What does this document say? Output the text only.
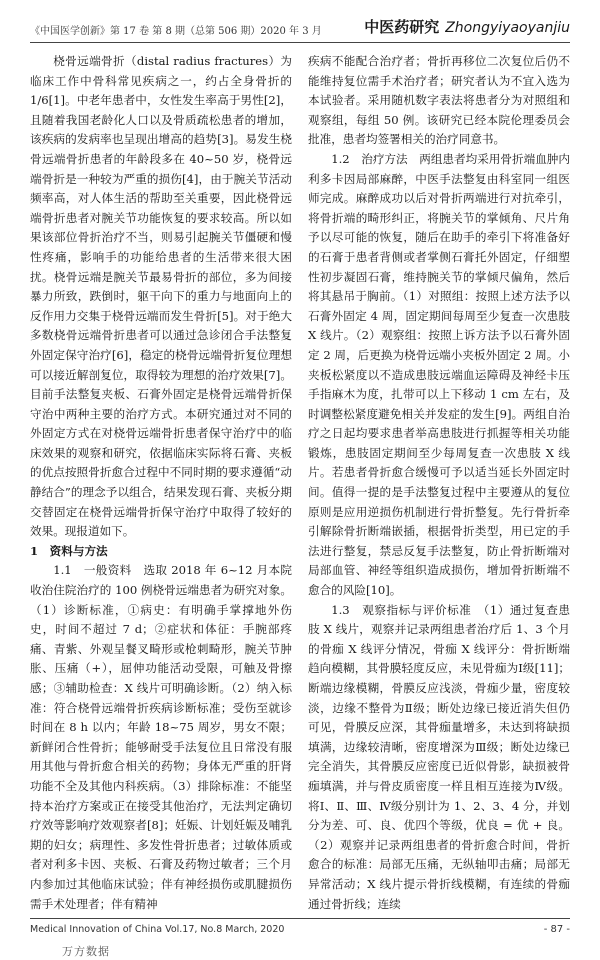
《中国医学创新》第 17 卷 第 8 期（总第 506 期）2020 年 3 月	中医药研究 Zhongyiyaoyanjiu

桡骨远端骨折（distal radius fractures）为临床工作中骨科常见疾病之一，约占全身骨折的 1/6[1]。中老年患者中，女性发生率高于男性[2]，且随着我国老龄化人口以及骨质疏松患者的增加，该疾病的发病率也呈现出增高的趋势[3]。易发生桡骨远端骨折患者的年龄段多在 40~50 岁，桡骨远端骨折是一种较为严重的损伤[4]，由于腕关节活动频率高，对人体生活的帮助至关重要，因此桡骨远端骨折患者对腕关节功能恢复的要求较高。所以如果该部位骨折治疗不当，则易引起腕关节僵硬和慢性疼痛，影响手的功能给患者的生活带来很大困扰。桡骨远端是腕关节最易骨折的部位，多为间接暴力所致，跌倒时，躯干向下的重力与地面向上的反作用力交集于桡骨远端而发生骨折[5]。对于绝大多数桡骨远端骨折患者可以通过急诊闭合手法整复外固定保守治疗[6]，稳定的桡骨远端骨折复位理想可以接近解剖复位，取得较为理想的治疗效果[7]。目前手法整复夹板、石膏外固定是桡骨远端骨折保守治中两种主要的治疗方式。本研究通过对不同的外固定方式在对桡骨远端骨折患者保守治疗中的临床效果的观察和研究，依据临床实际将石膏、夹板的优点按照骨折愈合过程中不同时期的要求遵循“动静结合”的理念予以组合，结果发现石膏、夹板分期交替固定在桡骨远端骨折保守治疗中取得了较好的效果。现报道如下。

1　资料与方法

1.1　一般资料　选取 2018 年 6~12 月本院收治住院治疗的 100 例桡骨远端患者为研究对象。（1）诊断标准，①病史：有明确手掌撑地外伤史，时间不超过 7 d；②症状和体征：手腕部疼痛、青紫、外观呈餐叉畸形或枪刺畸形，腕关节肿胀、压痛（+），屈伸功能活动受限，可触及骨擦感；③辅助检查：X 线片可明确诊断。（2）纳入标准：符合桡骨远端骨折疾病诊断标准；受伤至就诊时间在 8 h 以内；年龄 18~75 周岁，男女不限；新鲜闭合性骨折；能够耐受手法复位且日常没有服用其他与骨折愈合相关的药物；身体无严重的肝肾功能不全及其他内科疾病。（3）排除标准：不能坚持本治疗方案或正在接受其他治疗，无法判定确切疗效等影响疗效观察者[8]；妊娠、计划妊娠及哺乳期的妇女；病理性、多发性骨折患者；过敏体质或者对利多卡因、夹板、石膏及药物过敏者；三个月内参加过其他临床试验；伴有神经损伤或肌腱损伤需手术处理者；伴有精神

疾病不能配合治疗者；骨折再移位二次复位后仍不能维持复位需手术治疗者；研究者认为不宜入选为本试验者。采用随机数字表法将患者分为对照组和观察组，每组 50 例。该研究已经本院伦理委员会批准，患者均签署相关的治疗同意书。

1.2　治疗方法　两组患者均采用骨折端血肿内利多卡因局部麻醉，中医手法整复由科室同一组医师完成。麻醉成功以后对骨折两端进行对抗牵引，将骨折端的畸形纠正，将腕关节的掌倾角、尺片角予以尽可能的恢复，随后在助手的牵引下将准备好的石膏于患者背侧或者掌侧石膏托外固定，仔细塑性初步凝固石膏，维持腕关节的掌倾尺偏角，然后将其悬吊于胸前。（1）对照组：按照上述方法予以石膏外固定 4 周，固定期间每周至少复查一次患肢 X 线片。（2）观察组：按照上诉方法予以石膏外固定 2 周，后更换为桡骨远端小夹板外固定 2 周。小夹板松紧度以不造成患肢远端血运障碍及神经卡压手指麻木为度，扎带可以上下移动 1 cm 左右，及时调整松紧度避免相关并发症的发生[9]。两组自治疗之日起均要求患者举高患肢进行抓握等相关功能锻炼，患肢固定期间至少每周复查一次患肢 X 线片。若患者骨折愈合缓慢可予以适当延长外固定时间。值得一提的是手法整复过程中主要遵从的复位原则是应用逆损伤机制进行骨折整复。先行骨折牵引解除骨折断端嵌插，根据骨折类型，用已定的手法进行整复，禁忌反复手法整复，防止骨折断端对局部血管、神经等组织造成损伤，增加骨折断端不愈合的风险[10]。

1.3　观察指标与评价标准　（1）通过复查患肢 X 线片，观察并记录两组患者治疗后 1、3 个月的骨痂 X 线评分情况，骨痂 X 线评分：骨折断端趋向模糊，其骨膜轻度反应，未见骨痂为Ⅰ级[11]；断端边缘模糊，骨膜反应浅淡，骨痂少量，密度较淡，边缘不整骨为Ⅱ级；断处边缘已接近消失但仍可见，骨膜反应深，其骨痂量增多，未达到将缺损填满，边缘较清晰，密度增深为Ⅲ级；断处边缘已完全消失，其骨膜反应密度已近似骨影，缺损被骨痂填满，并与骨皮质密度一样且相互连接为Ⅳ级。将Ⅰ、Ⅱ、Ⅲ、Ⅳ级分别计为 1、2、3、4 分，并划分为差、可、良、优四个等级，优良 = 优 + 良。（2）观察并记录两组患者的骨折愈合时间，骨折愈合的标准：局部无压痛，无纵轴叩击痛；局部无异常活动；X 线片提示骨折线模糊，有连续的骨痂通过骨折线；连续

Medical Innovation of China Vol.17, No.8 March, 2020	- 87 -
万方数据
